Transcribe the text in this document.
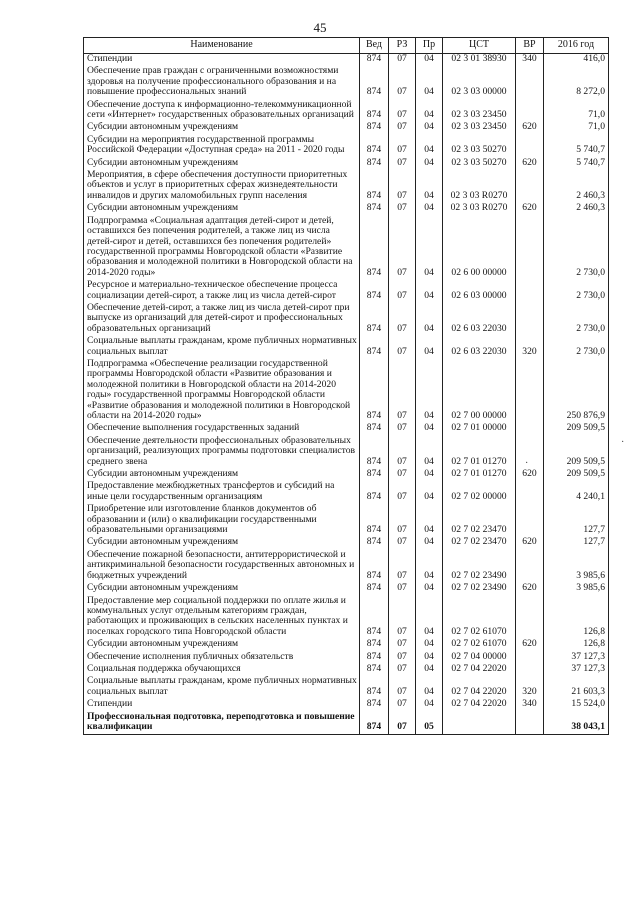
45
Наименование	Вед	РЗ	Пр	ЦСТ	ВР	2016 год
Стипендии	874	07	04	02 3 01 38930	340	416,0
Обеспечение прав граждан с ограниченными возможностями здоровья на получение профессионального образования и на повышение профессиональных знаний	874	07	04	02 3 03 00000		8 272,0
Обеспечение доступа к информационно-телекоммуникационной сети «Интернет» государственных образовательных организаций	874	07	04	02 3 03 23450		71,0
Субсидии автономным учреждениям	874	07	04	02 3 03 23450	620	71,0
Субсидии на мероприятия государственной программы Российской Федерации «Доступная среда» на 2011 - 2020 годы	874	07	04	02 3 03 50270		5 740,7
Субсидии автономным учреждениям	874	07	04	02 3 03 50270	620	5 740,7
Мероприятия, в сфере обеспечения доступности приоритетных объектов и услуг в приоритетных сферах жизнедеятельности инвалидов и других маломобильных групп населения	874	07	04	02 3 03 R0270		2 460,3
Субсидии автономным учреждениям	874	07	04	02 3 03 R0270	620	2 460,3
Подпрограмма «Социальная адаптация детей-сирот и детей, оставшихся без попечения родителей, а также лиц из числа детей-сирот и детей, оставшихся без попечения родителей» государственной программы Новгородской области «Развитие образования и молодежной политики в Новгородской области на 2014-2020 годы»	874	07	04	02 6 00 00000		2 730,0
Ресурсное и материально-техническое обеспечение процесса социализации детей-сирот, а также лиц из числа детей-сирот	874	07	04	02 6 03 00000		2 730,0
Обеспечение детей-сирот, а также лиц из числа детей-сирот при выпуске из организаций для детей-сирот и профессиональных образовательных организаций	874	07	04	02 6 03 22030		2 730,0
Социальные выплаты гражданам, кроме публичных нормативных социальных выплат	874	07	04	02 6 03 22030	320	2 730,0
Подпрограмма «Обеспечение реализации государственной программы Новгородской области «Развитие образования и молодежной политики в Новгородской области на 2014-2020 годы» государственной программы Новгородской области «Развитие образования и молодежной политики в Новгородской области на 2014-2020 годы»	874	07	04	02 7 00 00000		250 876,9
Обеспечение выполнения государственных заданий	874	07	04	02 7 01 00000		209 509,5
Обеспечение деятельности профессиональных образовательных организаций, реализующих программы подготовки специалистов среднего звена	874	07	04	02 7 01 01270		209 509,5
Субсидии автономным учреждениям	874	07	04	02 7 01 01270	620	209 509,5
Предоставление межбюджетных трансфертов и субсидий на иные цели государственным организациям	874	07	04	02 7 02 00000		4 240,1
Приобретение или изготовление бланков документов об образовании и (или) о квалификации государственными образовательными организациями	874	07	04	02 7 02 23470		127,7
Субсидии автономным учреждениям	874	07	04	02 7 02 23470	620	127,7
Обеспечение пожарной безопасности, антитеррористической и антикриминальной безопасности государственных автономных и бюджетных учреждений	874	07	04	02 7 02 23490		3 985,6
Субсидии автономным учреждениям	874	07	04	02 7 02 23490	620	3 985,6
Предоставление мер социальной поддержки по оплате жилья и коммунальных услуг отдельным категориям граждан, работающих и проживающих в сельских населенных пунктах и поселках городского типа Новгородской области	874	07	04	02 7 02 61070		126,8
Субсидии автономным учреждениям	874	07	04	02 7 02 61070	620	126,8
Обеспечение исполнения публичных обязательств	874	07	04	02 7 04 00000		37 127,3
Социальная поддержка обучающихся	874	07	04	02 7 04 22020		37 127,3
Социальные выплаты гражданам, кроме публичных нормативных социальных выплат	874	07	04	02 7 04 22020	320	21 603,3
Стипендии	874	07	04	02 7 04 22020	340	15 524,0
Профессиональная подготовка, переподготовка и повышение квалификации	874	07	05			38 043,1
·
·
